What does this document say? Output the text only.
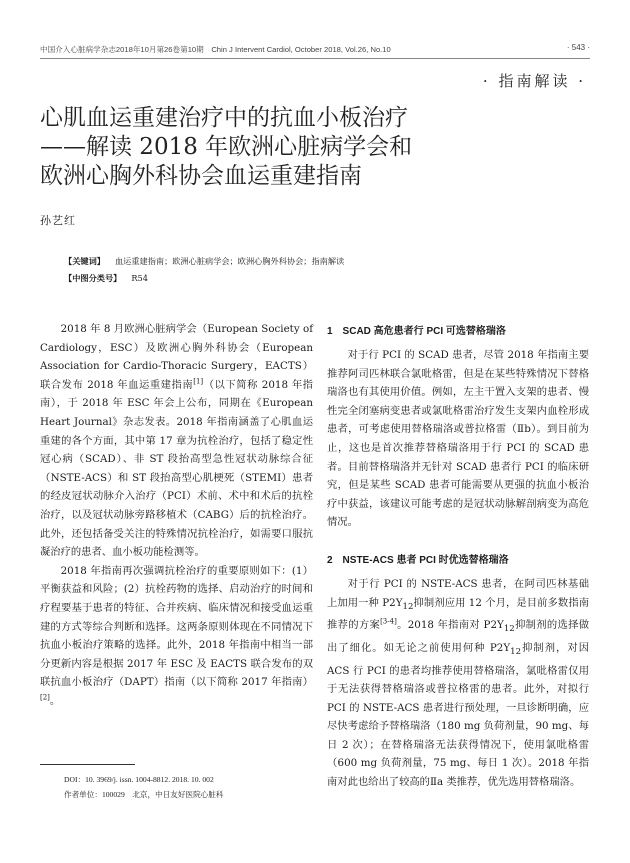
中国介入心脏病学杂志2018年10月第26卷第10期　Chin J Intervent Cardiol, October 2018, Vol.26, No.10	· 543 ·
· 指南解读 ·
心肌血运重建治疗中的抗血小板治疗
——解读 2018 年欧洲心脏病学会和
欧洲心胸外科协会血运重建指南
孙艺红
【关键词】 血运重建指南；欧洲心脏病学会；欧洲心胸外科协会；指南解读
【中图分类号】 R54

2018 年 8 月欧洲心脏病学会（European Society of Cardiology，ESC）及欧洲心胸外科协会（European Association for Cardio-Thoracic Surgery，EACTS）联合发布 2018 年血运重建指南[1]（以下简称 2018 年指南），于 2018 年 ESC 年会上公布，同期在《European Heart Journal》杂志发表。2018 年指南涵盖了心肌血运重建的各个方面，其中第 17 章为抗栓治疗，包括了稳定性冠心病（SCAD）、非 ST 段抬高型急性冠状动脉综合征（NSTE-ACS）和 ST 段抬高型心肌梗死（STEMI）患者的经皮冠状动脉介入治疗（PCI）术前、术中和术后的抗栓治疗，以及冠状动脉旁路移植术（CABG）后的抗栓治疗。此外，还包括备受关注的特殊情况抗栓治疗，如需要口服抗凝治疗的患者、血小板功能检测等。

2018 年指南再次强调抗栓治疗的重要原则如下：(1）平衡获益和风险；(2）抗栓药物的选择、启动治疗的时间和疗程要基于患者的特征、合并疾病、临床情况和接受血运重建的方式等综合判断和选择。这两条原则体现在不同情况下抗血小板治疗策略的选择。此外，2018 年指南中相当一部分更新内容是根据 2017 年 ESC 及 EACTS 联合发布的双联抗血小板治疗（DAPT）指南（以下简称 2017 年指南）[2]。

1　SCAD 高危患者行 PCI 可选替格瑞洛

对于行 PCI 的 SCAD 患者，尽管 2018 年指南主要推荐阿司匹林联合氯吡格雷，但是在某些特殊情况下替格瑞洛也有其使用价值。例如，左主干置入支架的患者、慢性完全闭塞病变患者或氯吡格雷治疗发生支架内血栓形成患者，可考虑使用替格瑞洛或普拉格雷（Ⅱb）。到目前为止，这也是首次推荐替格瑞洛用于行 PCI 的 SCAD 患者。目前替格瑞洛并无针对 SCAD 患者行 PCI 的临床研究，但是某些 SCAD 患者可能需要从更强的抗血小板治疗中获益，该建议可能考虑的是冠状动脉解剖病变为高危情况。

2　NSTE-ACS 患者 PCI 时优选替格瑞洛

对于行 PCI 的 NSTE-ACS 患者，在阿司匹林基础上加用一种 $P2Y_{12}$抑制剂应用 12 个月，是目前多数指南推荐的方案[3-4]。2018 年指南对 $P2Y_{12}$抑制剂的选择做出了细化。如无论之前使用何种 $P2Y_{12}$抑制剂，对因 ACS 行 PCI 的患者均推荐使用替格瑞洛，氯吡格雷仅用于无法获得替格瑞洛或普拉格雷的患者。此外，对拟行 PCI 的 NSTE-ACS 患者进行预处理，一旦诊断明确，应尽快考虑给予替格瑞洛（180 mg 负荷剂量，90 mg、每日 2 次）；在替格瑞洛无法获得情况下，使用氯吡格雷（600 mg 负荷剂量，75 mg、每日 1 次）。2018 年指南对此也给出了较高的Ⅱa 类推荐，优先选用替格瑞洛。

DOI：10. 3969/j. issn. 1004-8812. 2018. 10. 002
作者单位：100029　北京，中日友好医院心脏科
